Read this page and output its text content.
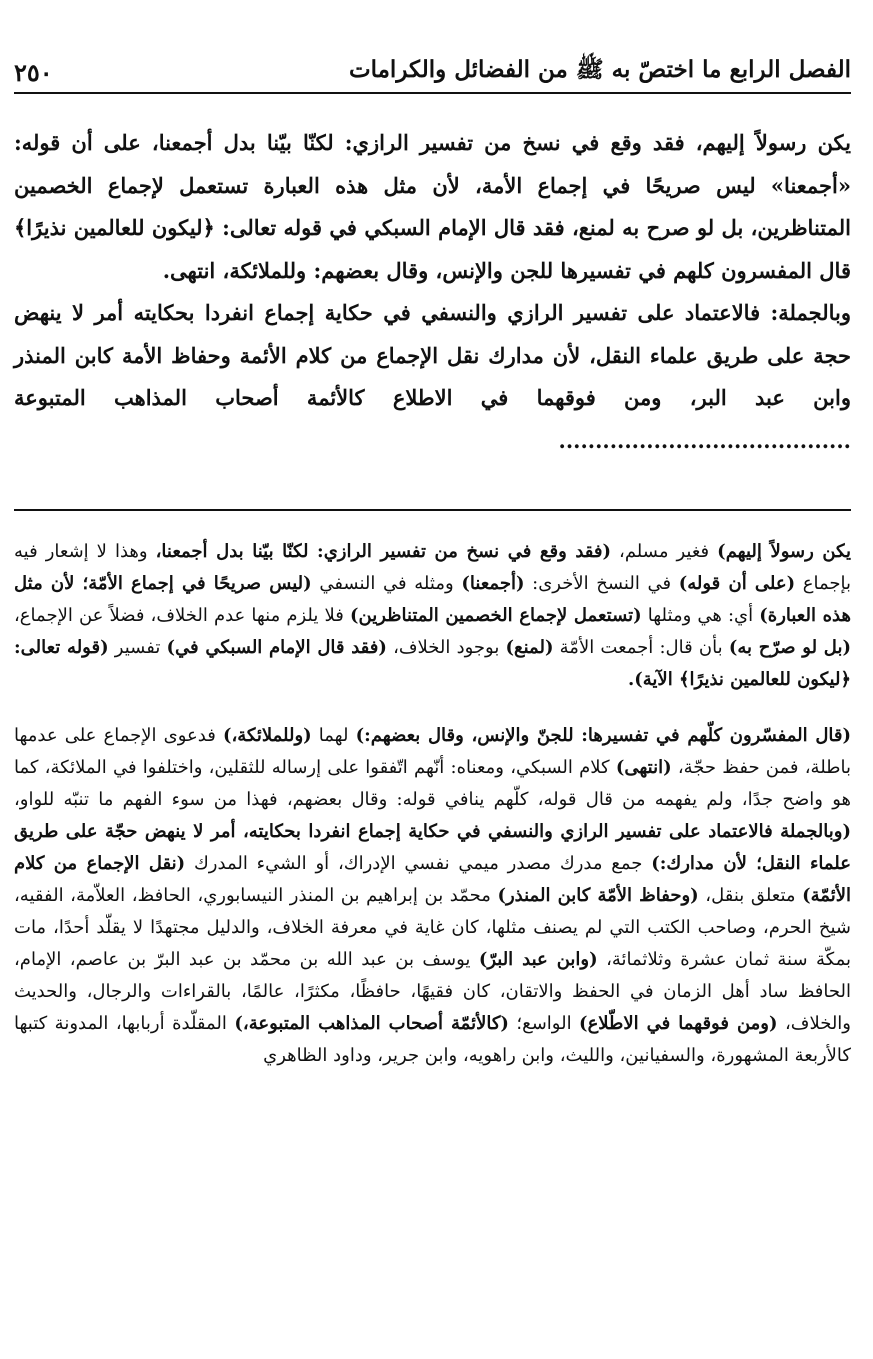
الفصل الرابع ما اختصّ به ﷺ من الفضائل والكرامات
٢٥٠

يكن رسولاً إليهم، فقد وقع في نسخ من تفسير الرازي: لكنّا بيّنا بدل أجمعنا، على أن قوله: «أجمعنا» ليس صريحًا في إجماع الأمة، لأن مثل هذه العبارة تستعمل لإجماع الخصمين المتناظرين، بل لو صرح به لمنع، فقد قال الإمام السبكي في قوله تعالى: ﴿ليكون للعالمين نذيرًا﴾ قال المفسرون كلهم في تفسيرها للجن والإنس، وقال بعضهم: وللملائكة، انتهى.

وبالجملة: فالاعتماد على تفسير الرازي والنسفي في حكاية إجماع انفردا بحكايته أمر لا ينهض حجة على طريق علماء النقل، لأن مدارك نقل الإجماع من كلام الأئمة وحفاظ الأمة كابن المنذر وابن عبد البر، ومن فوقهما في الاطلاع كالأئمة أصحاب المذاهب المتبوعة ........................................

يكن رسولاً إليهم) فغير مسلم، (فقد وقع في نسخ من تفسير الرازي: لكنّا بيّنا بدل أجمعنا، وهذا لا إشعار فيه بإجماع (على أن قوله) في النسخ الأخرى: (أجمعنا) ومثله في النسفي (ليس صريحًا في إجماع الأمّة؛ لأن مثل هذه العبارة) أي: هي ومثلها (تستعمل لإجماع الخصمين المتناظرين) فلا يلزم منها عدم الخلاف، فضلاً عن الإجماع، (بل لو صرّح به) بأن قال: أجمعت الأمّة (لمنع) بوجود الخلاف، (فقد قال الإمام السبكي في) تفسير (قوله تعالى: ﴿ليكون للعالمين نذيرًا﴾ الآية).

(قال المفسّرون كلّهم في تفسيرها: للجنّ والإنس، وقال بعضهم:) لهما (وللملائكة،) فدعوى الإجماع على عدمها باطلة، فمن حفظ حجّة، (انتهى) كلام السبكي، ومعناه: أنّهم اتّفقوا على إرساله للثقلين، واختلفوا في الملائكة، كما هو واضح جدًا، ولم يفهمه من قال قوله، كلّهم ينافي قوله: وقال بعضهم، فهذا من سوء الفهم ما تنبّه للواو، (وبالجملة فالاعتماد على تفسير الرازي والنسفي في حكاية إجماع انفردا بحكايته، أمر لا ينهض حجّة على طريق علماء النقل؛ لأن مدارك:) جمع مدرك مصدر ميمي نفسي الإدراك، أو الشيء المدرك (نقل الإجماع من كلام الأئمّة) متعلق بنقل، (وحفاظ الأمّة كابن المنذر) محمّد بن إبراهيم بن المنذر النيسابوري، الحافظ، العلاّمة، الفقيه، شيخ الحرم، وصاحب الكتب التي لم يصنف مثلها، كان غاية في معرفة الخلاف، والدليل مجتهدًا لا يقلّد أحدًا، مات بمكّة سنة ثمان عشرة وثلاثمائة، (وابن عبد البرّ) يوسف بن عبد الله بن محمّد بن عبد البرّ بن عاصم، الإمام، الحافظ ساد أهل الزمان في الحفظ والاتقان، كان فقيهًا، حافظًا، مكثرًا، عالمًا، بالقراءات والرجال، والحديث والخلاف، (ومن فوقهما في الاطّلاع) الواسع؛ (كالأئمّة أصحاب المذاهب المتبوعة،) المقلّدة أربابها، المدونة كتبها كالأربعة المشهورة، والسفيانين، والليث، وابن راهويه، وابن جرير، وداود الظاهري
